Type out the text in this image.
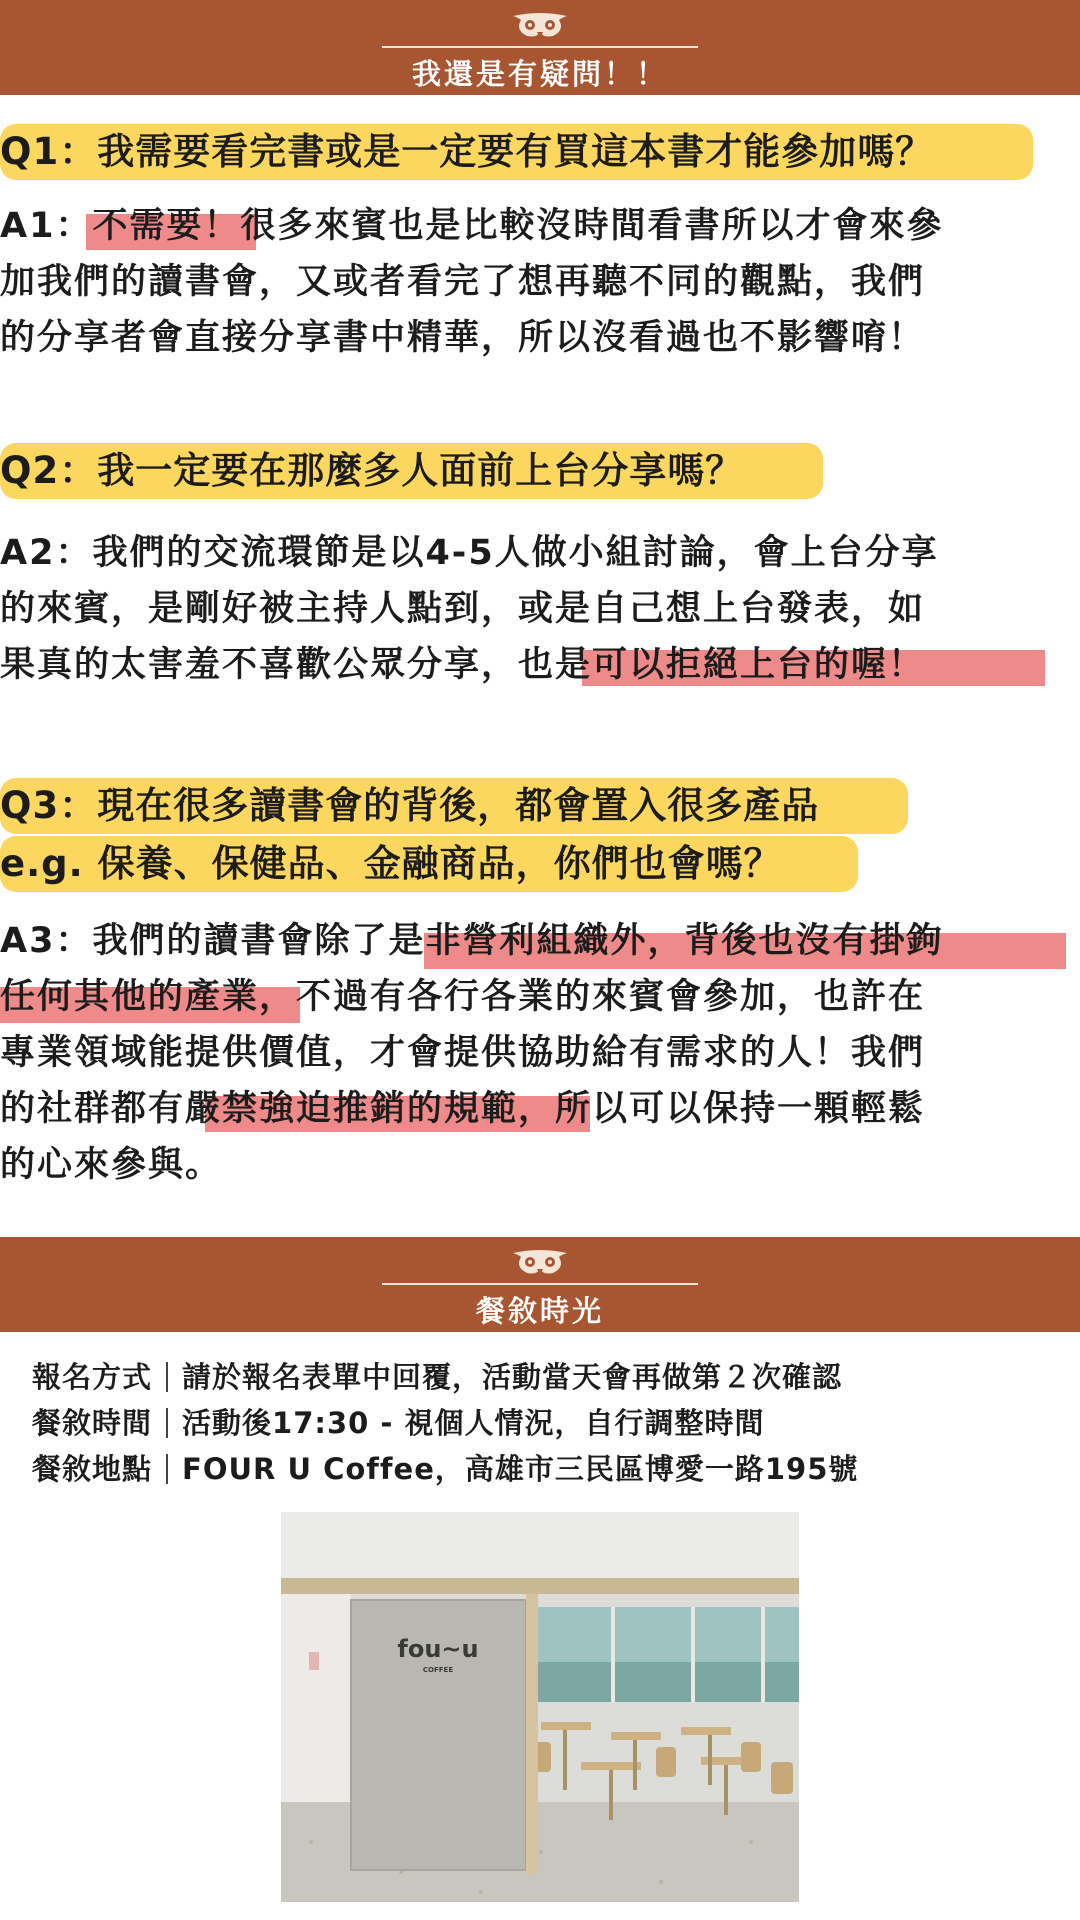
我還是有疑問！！
Q1：我需要看完書或是一定要有買這本書才能參加嗎？
A1：不需要！很多來賓也是比較沒時間看書所以才會來參
加我們的讀書會，又或者看完了想再聽不同的觀點，我們
的分享者會直接分享書中精華，所以沒看過也不影響唷！
Q2：我一定要在那麼多人面前上台分享嗎？
A2：我們的交流環節是以4-5人做小組討論，會上台分享
的來賓，是剛好被主持人點到，或是自己想上台發表，如
果真的太害羞不喜歡公眾分享，也是可以拒絕上台的喔！
Q3：現在很多讀書會的背後，都會置入很多產品
e.g. 保養、保健品、金融商品，你們也會嗎？
A3：我們的讀書會除了是非營利組織外，背後也沒有掛鉤
任何其他的產業，不過有各行各業的來賓會參加，也許在
專業領域能提供價值，才會提供協助給有需求的人！我們
的社群都有嚴禁強迫推銷的規範，所以可以保持一顆輕鬆
的心來參與。
餐敘時光
報名方式 請於報名表單中回覆，活動當天會再做第２次確認
餐敘時間 活動後17:30 - 視個人情況，自行調整時間
餐敘地點 FOUR U Coffee，高雄市三民區博愛一路195號
fou~u
COFFEE
